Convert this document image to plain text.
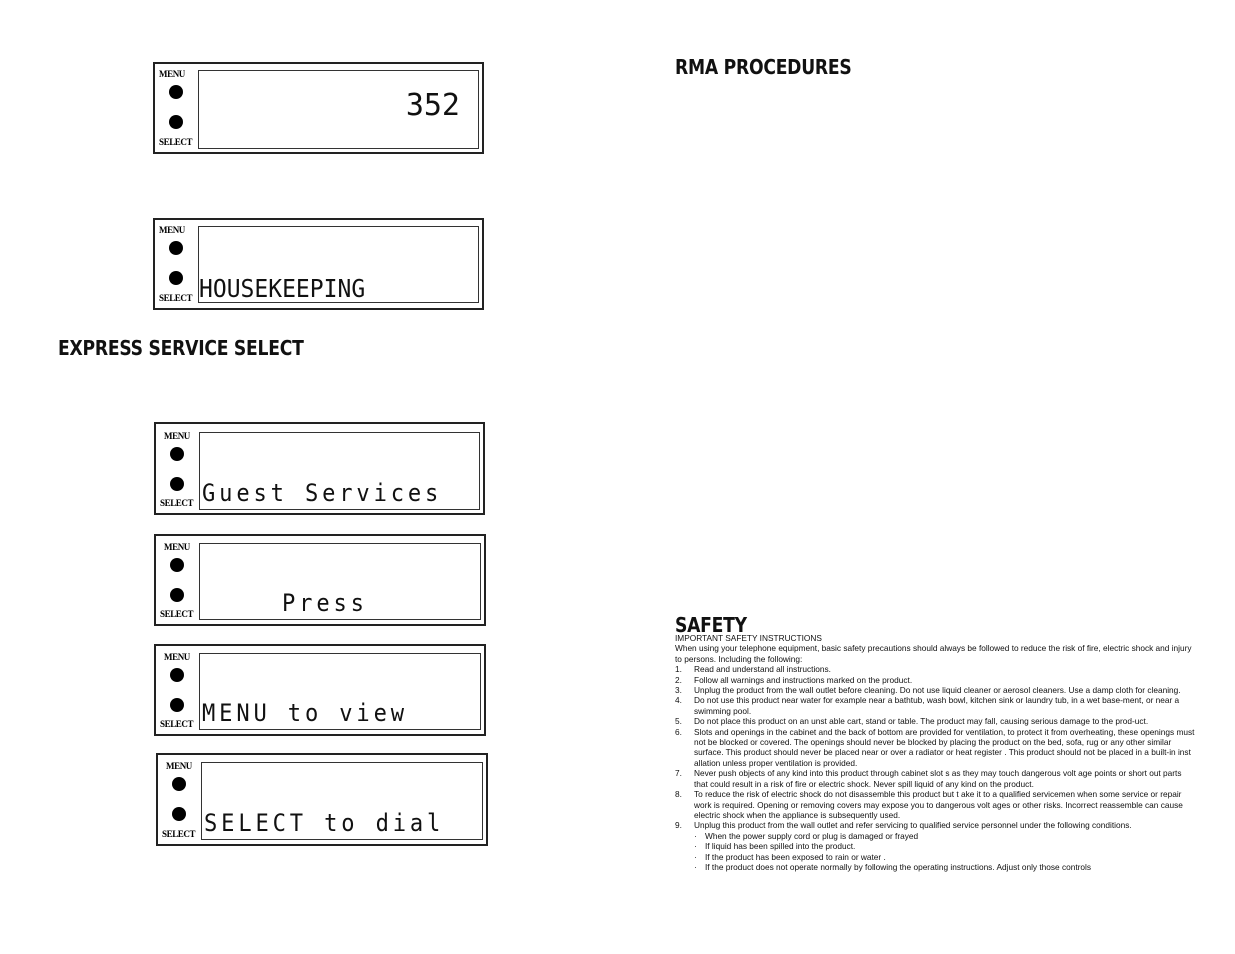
EXPRESS SERVICE SELECT
RMA PROCEDURES
MENU
SELECT
352
MENU
SELECT HOUSEKEEPING
MENU
SELECT Guest Services
MENU
SELECT	Press
MENU
SELECT MENU to view
MENU
SELECT SELECT to dial
SAFETY

IMPORTANT SAFETY INSTRUCTIONS

When using your telephone equipment, basic safety precautions should always be followed to reduce the risk of fire, electric shock and injury to persons. Including the following:

1. Read and understand all instructions.
2. Follow all warnings and instructions marked on the product.
3. Unplug the product from the wall outlet before cleaning. Do not use liquid cleaner or aerosol cleaners. Use a damp cloth for cleaning.
4. Do not use this product near water for example near a bathtub, wash bowl, kitchen sink or laundry tub, in a wet base-ment, or near a swimming pool.
5. Do not place this product on an unst able cart, stand or table. The product may fall, causing serious damage to the prod-uct.
6. Slots and openings in the cabinet and the back of bottom are provided for ventilation, to protect it from overheating, these openings must not be blocked or covered. The openings should never be blocked by placing the product on the bed, sofa, rug or any other similar surface. This product should never be placed near or over a radiator or heat register . This product should not be placed in a built-in inst allation unless proper ventilation is provided.
7. Never push objects of any kind into this product through cabinet slot s as they may touch dangerous volt age points or short out parts that could result in a risk of fire or electric shock. Never spill liquid of any kind on the product.
8. To reduce the risk of electric shock do not disassemble this product but t ake it to a qualified servicemen when some service or repair work is required. Opening or removing covers may expose you to dangerous volt ages or other risks. Incorrect reassemble can cause electric shock when the appliance is subsequently used.
9. Unplug this product from the wall outlet and refer servicing to qualified service personnel under the following conditions.
· When the power supply cord or plug is damaged or frayed
· If liquid has been spilled into the product.
· If the product has been exposed to rain or water .
· If the product does not operate normally by following the operating instructions. Adjust only those controls
